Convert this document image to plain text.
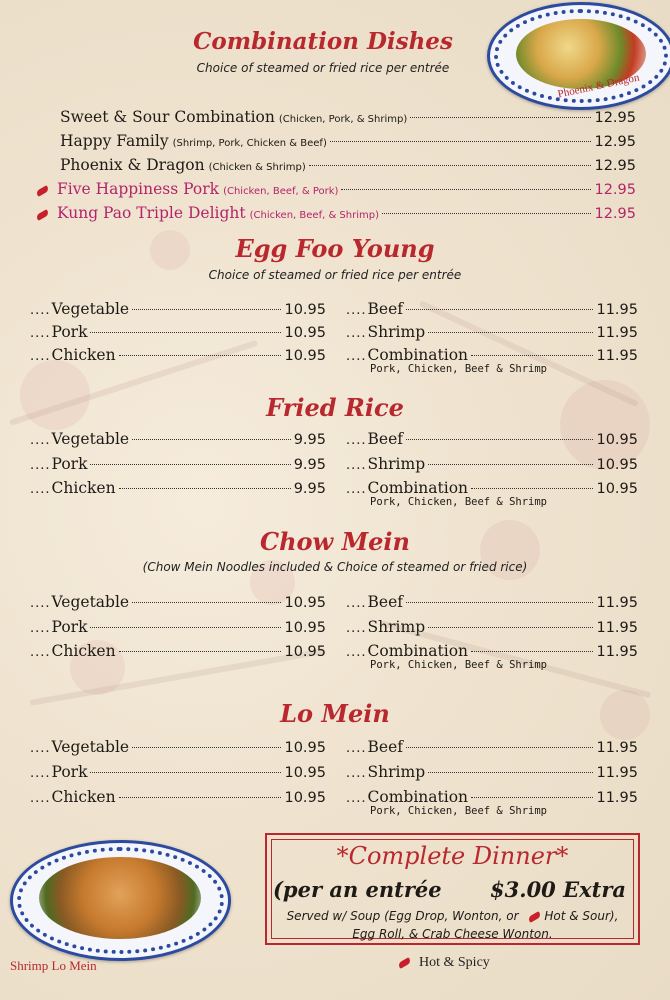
Phoenix & Dragon
Combination Dishes
Choice of steamed or fried rice per entrée
Sweet & Sour Combination (Chicken, Pork, & Shrimp)	12.95
Happy Family (Shrimp, Pork, Chicken & Beef)	12.95
Phoenix & Dragon (Chicken & Shrimp)	12.95
Five Happiness Pork (Chicken, Beef, & Pork)	12.95
Kung Pao Triple Delight (Chicken, Beef, & Shrimp)	12.95
Egg Foo Young
Choice of steamed or fried rice per entrée
.... Vegetable	10.95
.... Pork	10.95
.... Chicken	10.95
.... Beef	11.95
.... Shrimp	11.95
.... Combination	11.95
Pork, Chicken, Beef & Shrimp
Fried Rice
.... Vegetable	9.95
.... Pork	9.95
.... Chicken	9.95
.... Beef	10.95
.... Shrimp	10.95
.... Combination	10.95
Pork, Chicken, Beef & Shrimp
Chow Mein
(Chow Mein Noodles included & Choice of steamed or fried rice)
.... Vegetable	10.95
.... Pork	10.95
.... Chicken	10.95
.... Beef	11.95
.... Shrimp	11.95
.... Combination	11.95
Pork, Chicken, Beef & Shrimp
Lo Mein
.... Vegetable	10.95
.... Pork	10.95
.... Chicken	10.95
.... Beef	11.95
.... Shrimp	11.95
.... Combination	11.95
Pork, Chicken, Beef & Shrimp
Shrimp Lo Mein
*Complete Dinner*
(per an entrée $3.00 Extra
Served w/ Soup (Egg Drop, Wonton, or Hot & Sour),
Egg Roll, & Crab Cheese Wonton.
Hot & Spicy
